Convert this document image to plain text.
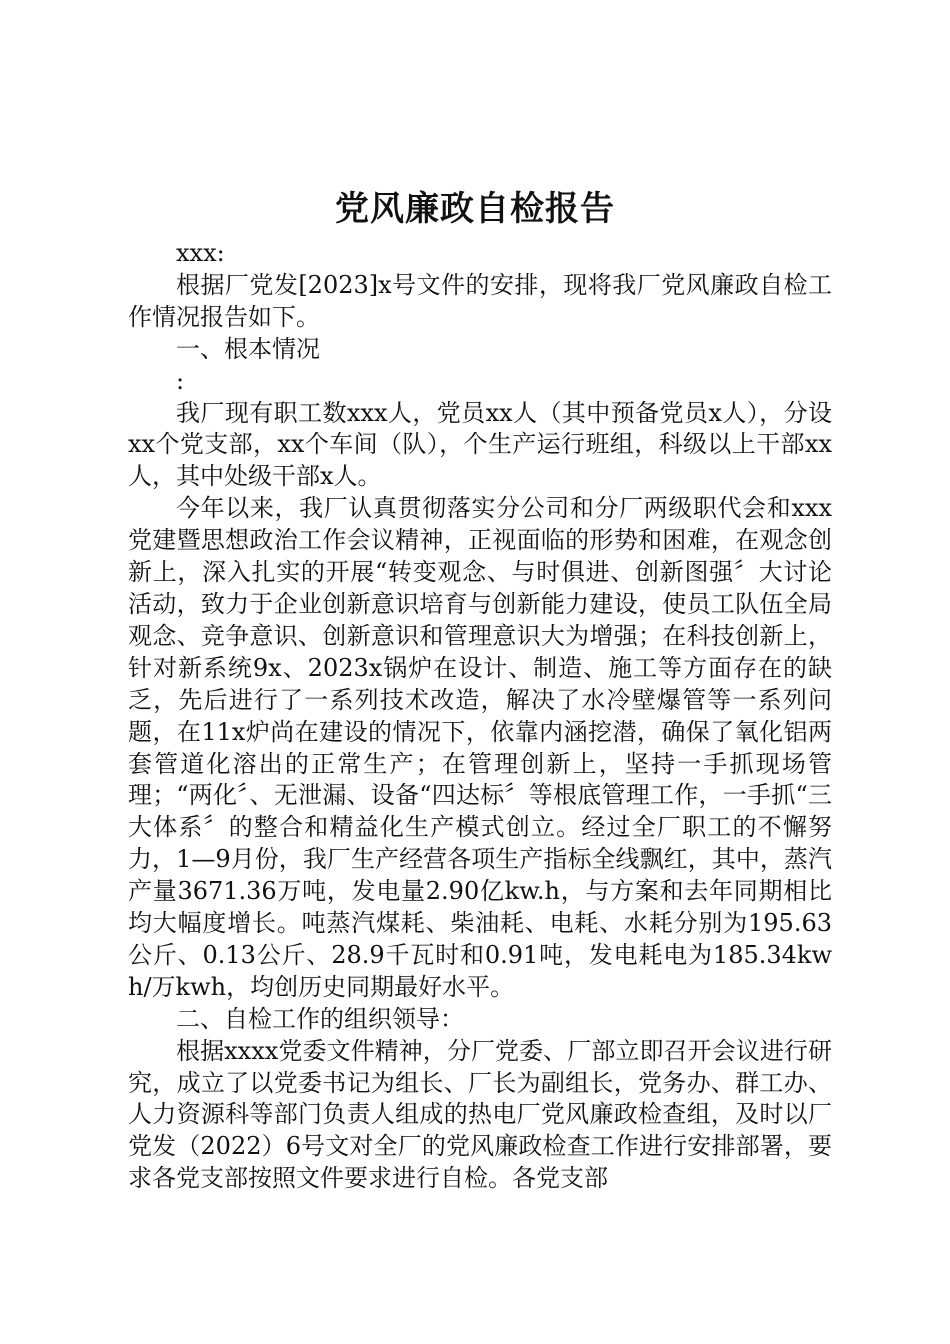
党风廉政自检报告

xxx:

根据厂党发[2023]x号文件的安排，现将我厂党风廉政自检工作情况报告如下。

一、根本情况

:

我厂现有职工数xxx人，党员xx人（其中预备党员x人），分设xx个党支部，xx个车间（队），个生产运行班组，科级以上干部xx人，其中处级干部x人。

今年以来，我厂认真贯彻落实分公司和分厂两级职代会和xxx党建暨思想政治工作会议精神，正视面临的形势和困难，在观念创新上，深入扎实的开展“转变观念、与时俱进、创新图强〞大讨论活动，致力于企业创新意识培育与创新能力建设，使员工队伍全局观念、竞争意识、创新意识和管理意识大为增强；在科技创新上，针对新系统9x、2023x锅炉在设计、制造、施工等方面存在的缺乏，先后进行了一系列技术改造，解决了水冷壁爆管等一系列问题，在11x炉尚在建设的情况下，依靠内涵挖潜，确保了氧化铝两套管道化溶出的正常生产；在管理创新上，坚持一手抓现场管理；“两化〞、无泄漏、设备“四达标〞等根底管理工作，一手抓“三大体系〞的整合和精益化生产模式创立。经过全厂职工的不懈努力，1—9月份，我厂生产经营各项生产指标全线飘红，其中，蒸汽产量3671.36万吨，发电量2.90亿kw.h，与方案和去年同期相比均大幅度增长。吨蒸汽煤耗、柴油耗、电耗、水耗分别为195.63公斤、0.13公斤、28.9千瓦时和0.91吨，发电耗电为185.34kwh/万kwh，均创历史同期最好水平。

二、自检工作的组织领导：

根据xxxx党委文件精神，分厂党委、厂部立即召开会议进行研究，成立了以党委书记为组长、厂长为副组长，党务办、群工办、人力资源科等部门负责人组成的热电厂党风廉政检查组，及时以厂党发（2022）6号文对全厂的党风廉政检查工作进行安排部署，要求各党支部按照文件要求进行自检。各党支部
